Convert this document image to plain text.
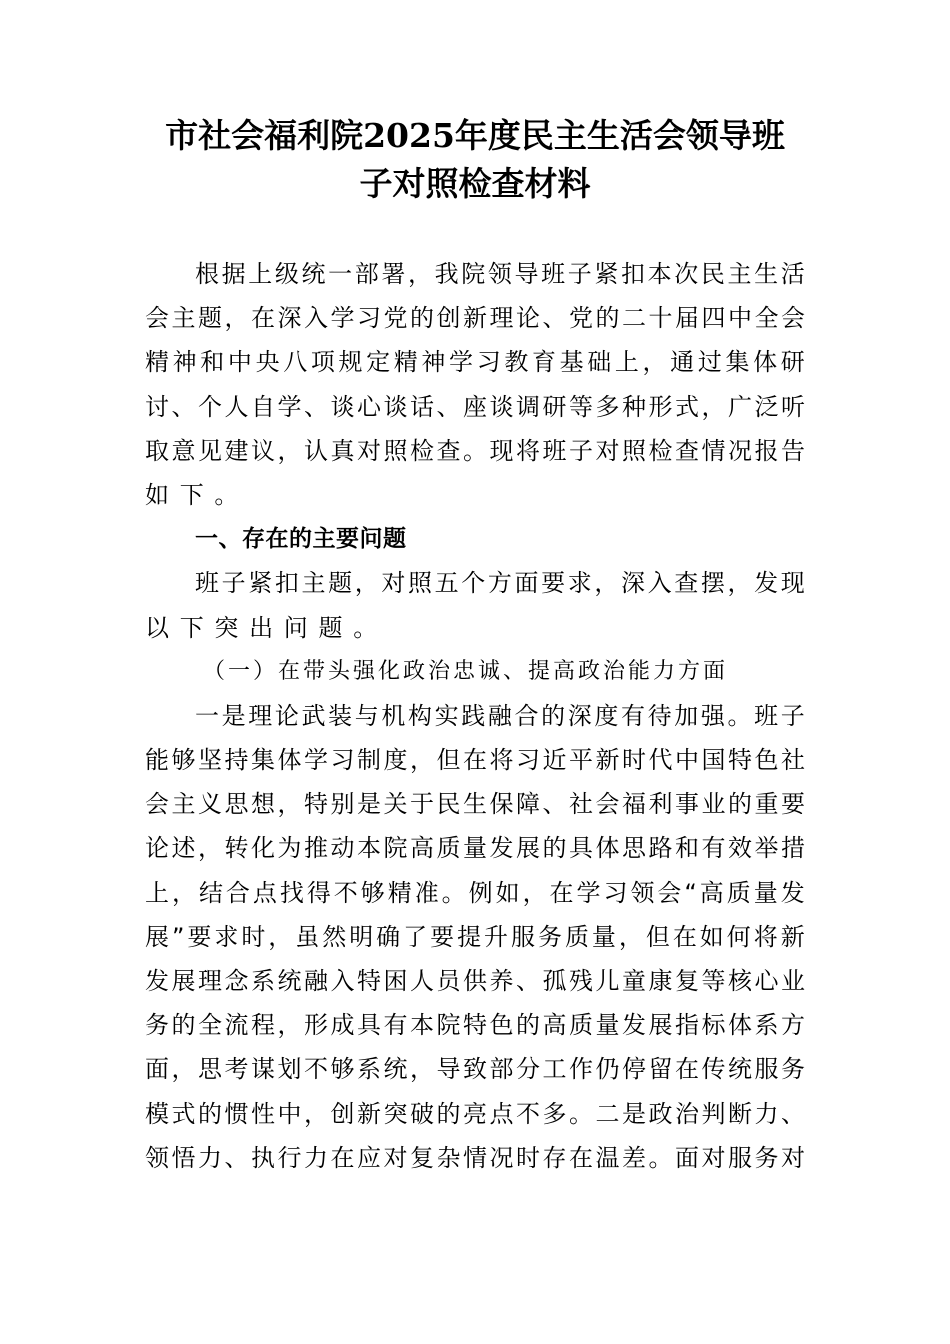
市社会福利院2025年度民主生活会领导班
子对照检查材料
根 据 上 级 统 一 部 署 ， 我 院 领 导 班 子 紧 扣 本 次 民 主 生 活
会 主 题 ， 在 深 入 学 习 党 的 创 新 理 论 、 党 的 二 十 届 四 中 全 会
精 神 和 中 央 八 项 规 定 精 神 学 习 教 育 基 础 上 ， 通 过 集 体 研
讨 、 个 人 自 学 、 谈 心 谈 话 、 座 谈 调 研 等 多 种 形 式 ， 广 泛 听
取 意 见 建 议 ， 认 真 对 照 检 查 。 现 将 班 子 对 照 检 查 情 况 报 告
如下。
一、存在的主要问题
班 子 紧 扣 主 题 ， 对 照 五 个 方 面 要 求 ， 深 入 查 摆 ， 发 现
以下突出问题。
（一）在带头强化政治忠诚、提高政治能力方面
一 是 理 论 武 装 与 机 构 实 践 融 合 的 深 度 有 待 加 强 。 班 子
能 够 坚 持 集 体 学 习 制 度 ， 但 在 将 习 近 平 新 时 代 中 国 特 色 社
会 主 义 思 想 ， 特 别 是 关 于 民 生 保 障 、 社 会 福 利 事 业 的 重 要
论 述 ， 转 化 为 推 动 本 院 高 质 量 发 展 的 具 体 思 路 和 有 效 举 措
上 ， 结 合 点 找 得 不 够 精 准 。 例 如 ， 在 学 习 领 会 “ 高 质 量 发
展 ” 要 求 时 ， 虽 然 明 确 了 要 提 升 服 务 质 量 ， 但 在 如 何 将 新
发 展 理 念 系 统 融 入 特 困 人 员 供 养 、 孤 残 儿 童 康 复 等 核 心 业
务 的 全 流 程 ， 形 成 具 有 本 院 特 色 的 高 质 量 发 展 指 标 体 系 方
面 ， 思 考 谋 划 不 够 系 统 ， 导 致 部 分 工 作 仍 停 留 在 传 统 服 务
模 式 的 惯 性 中 ， 创 新 突 破 的 亮 点 不 多 。 二 是 政 治 判 断 力 、
领 悟 力 、 执 行 力 在 应 对 复 杂 情 况 时 存 在 温 差 。 面 对 服 务 对
